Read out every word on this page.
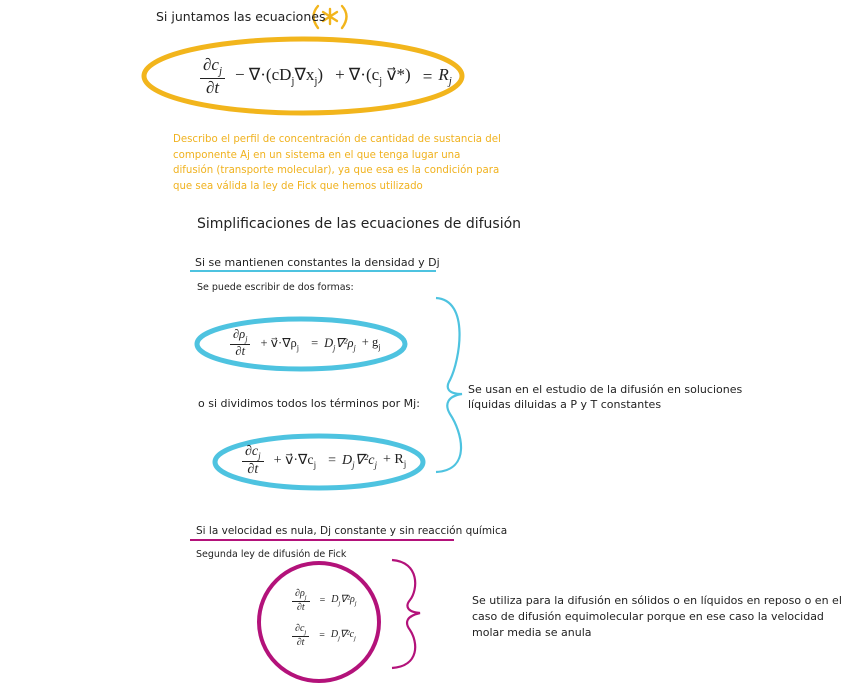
Si juntamos las ecuaciones
$\frac{\partial c_j}{\partial t} - \nabla\cdot(cD_j\nabla x_j) + \nabla\cdot(c_j$ v⃗*) = $R_j$
Describo el perfil de concentración de cantidad de sustancia del componente Aj en un sistema en el que tenga lugar una difusión (transporte molecular), ya que esa es la condición para que sea válida la ley de Fick que hemos utilizado
Simplificaciones de las ecuaciones de difusión
Si se mantienen constantes la densidad y Dj
Se puede escribir de dos formas:
$\frac{\partial\rho_j}{\partial t}$ + $v⃗\cdot\nabla\rho_j = D_j\nabla^2\rho_j + g_j$
o si dividimos todos los términos por Mj:
$\frac{\partial c_j}{\partial t}$ + $v⃗\cdot\nabla c_j = D_j\nabla^2c_j + R_j$
Se usan en el estudio de la difusión en soluciones líquidas diluidas a P y T constantes
Si la velocidad es nula, Dj constante y sin reacción química
Segunda ley de difusión de Fick
$\frac{\partial\rho_j}{\partial t} = D_j\nabla^2\rho_j$
$\frac{\partial c_j}{\partial t} = D_j\nabla^2c_j$
Se utiliza para la difusión en sólidos o en líquidos en reposo o en el caso de difusión equimolecular porque en ese caso la velocidad molar media se anula
